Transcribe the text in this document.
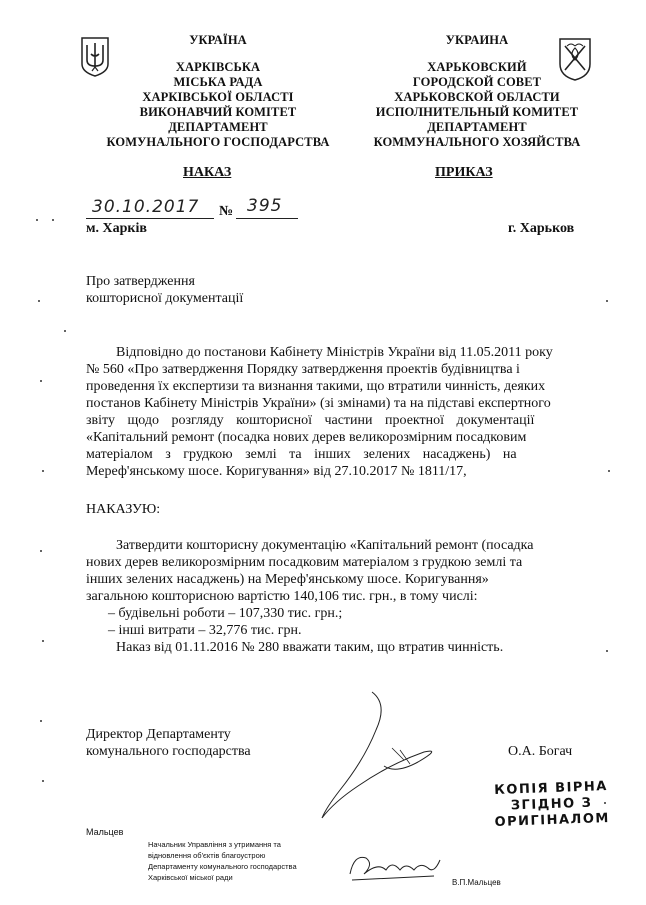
УКРАЇНА
ХАРКІВСЬКА
МІСЬКА РАДА
ХАРКІВСЬКОЇ ОБЛАСТІ
ВИКОНАВЧИЙ КОМІТЕТ
ДЕПАРТАМЕНТ
КОМУНАЛЬНОГО ГОСПОДАРСТВА
УКРАИНА
ХАРЬКОВСКИЙ
ГОРОДСКОЙ СОВЕТ
ХАРЬКОВСКОЙ ОБЛАСТИ
ИСПОЛНИТЕЛЬНЫЙ КОМИТЕТ
ДЕПАРТАМЕНТ
КОММУНАЛЬНОГО ХОЗЯЙСТВА
НАКАЗ	ПРИКАЗ
30.10.2017 № 395
м. Харків	г. Харьков
Про затвердження
кошторисної документації
Відповідно до постанови Кабінету Міністрів України від 11.05.2011 року
№ 560 «Про затвердження Порядку затвердження проектів будівництва і
проведення їх експертизи та визнання такими, що втратили чинність, деяких
постанов Кабінету Міністрів України» (зі змінами) та на підставі експертного
звіту щодо розгляду кошторисної частини проектної документації
«Капітальний ремонт (посадка нових дерев великорозмірним посадковим
матеріалом з грудкою землі та інших зелених насаджень) на
Мереф'янському шосе. Коригування» від 27.10.2017 № 1811/17,
НАКАЗУЮ:
Затвердити кошторисну документацію «Капітальний ремонт (посадка
нових дерев великорозмірним посадковим матеріалом з грудкою землі та
інших зелених насаджень) на Мереф'янському шосе. Коригування»
загальною кошторисною вартістю 140,106 тис. грн., в тому числі:
– будівельні роботи – 107,330 тис. грн.;
– інші витрати – 32,776 тис. грн.
Наказ від 01.11.2016 № 280 вважати таким, що втратив чинність.
Директор Департаменту
комунального господарства	О.А. Богач
КОПІЯ ВІРНА
ЗГІДНО З
ОРИГІНАЛОМ
Мальцев
Начальник Управління з утримання та
відновлення об'єктів благоустрою
Департаменту комунального господарства
Харківської міської ради
В.П.Мальцев
